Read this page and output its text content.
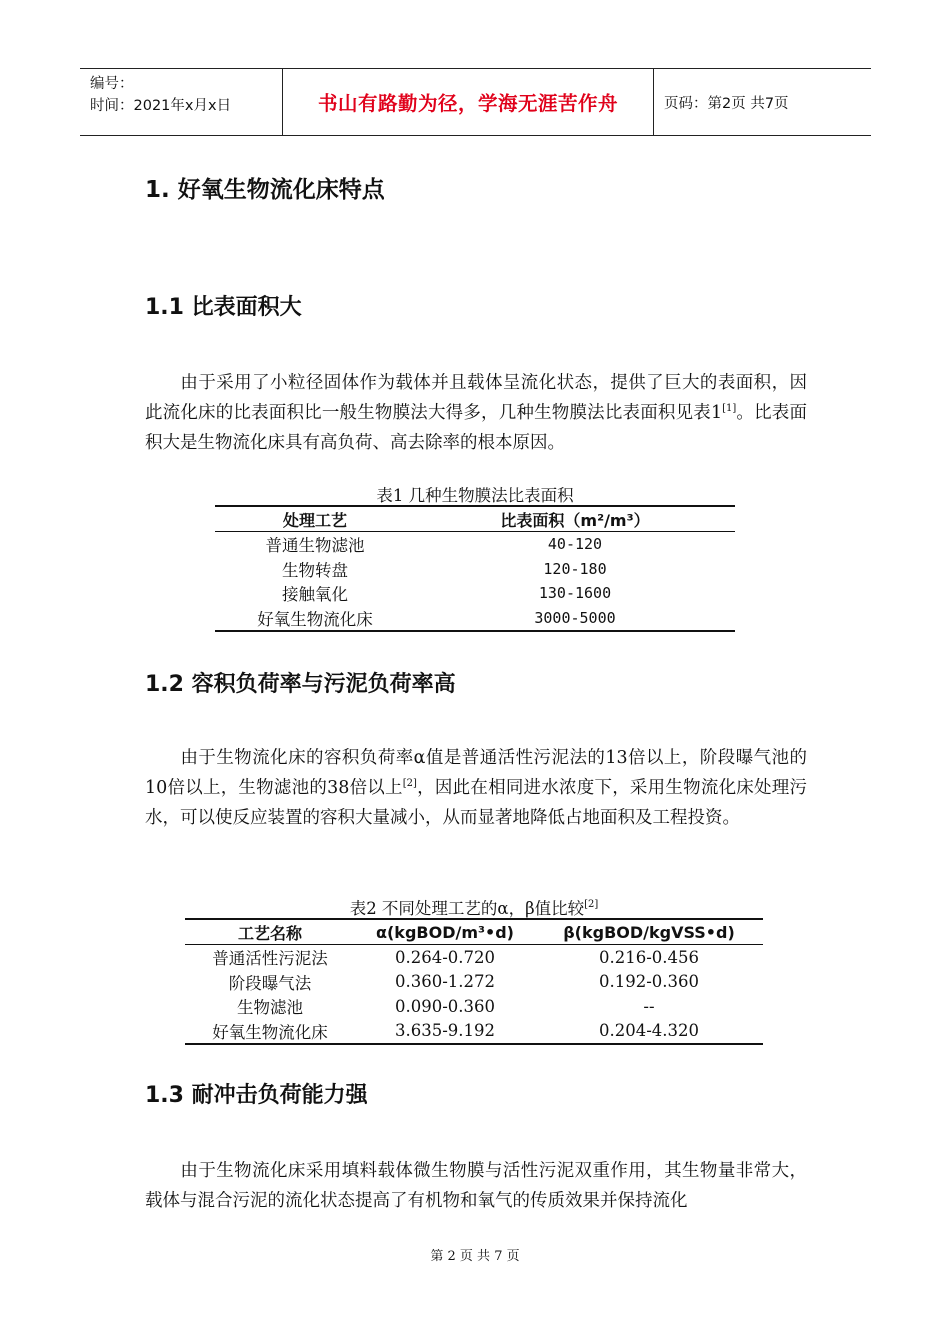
编号：
时间：2021年x月x日	书山有路勤为径，学海无涯苦作舟	页码：第2页 共7页
1. 好氧生物流化床特点
1.1 比表面积大

由于采用了小粒径固体作为载体并且载体呈流化状态，提供了巨大的表面积，因此流化床的比表面积比一般生物膜法大得多，几种生物膜法比表面积见表1[1]。比表面积大是生物流化床具有高负荷、高去除率的根本原因。

表1 几种生物膜法比表面积
处理工艺	比表面积（m²/m³）
普通生物滤池	40-120
生物转盘	120-180
接触氧化	130-1600
好氧生物流化床	3000-5000
1.2 容积负荷率与污泥负荷率高

由于生物流化床的容积负荷率α值是普通活性污泥法的13倍以上，阶段曝气池的10倍以上，生物滤池的38倍以上[2]，因此在相同进水浓度下，采用生物流化床处理污水，可以使反应装置的容积大量减小，从而显著地降低占地面积及工程投资。

表2 不同处理工艺的α，β值比较[2]
工艺名称	α(kgBOD/m³•d)	β(kgBOD/kgVSS•d)
普通活性污泥法	0.264-0.720	0.216-0.456
阶段曝气法	0.360-1.272	0.192-0.360
生物滤池	0.090-0.360	--
好氧生物流化床	3.635-9.192	0.204-4.320
1.3 耐冲击负荷能力强

由于生物流化床采用填料载体微生物膜与活性污泥双重作用，其生物量非常大，载体与混合污泥的流化状态提高了有机物和氧气的传质效果并保持流化

第 2 页 共 7 页
